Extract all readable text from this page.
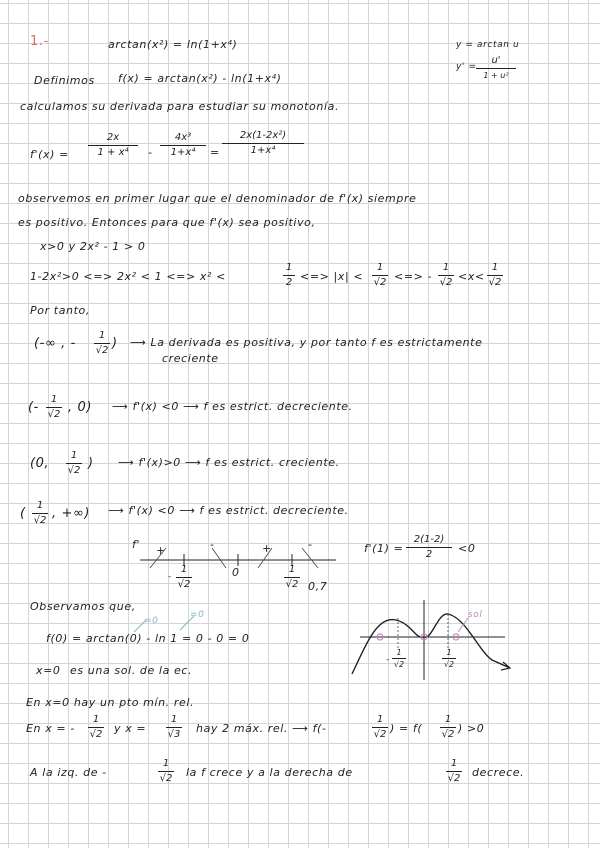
1.-	arctan(x²) = ln(1+x⁴)	y = arctan u
y' =
u'
1 + u²
Definimos f(x) = arctan(x²) - ln(1+x⁴)
calculamos su derivada para estudiar su monotonía.
f'(x) =
2x
1 + x⁴ -
4x³
1+x⁴ =
2x(1-2x²)
1+x⁴
observemos en primer lugar que el denominador de f'(x) siempre
es positivo. Entonces para que f'(x) sea positivo,
x>0 y 2x² - 1 > 0
1-2x²>0 <=> 2x² < 1 <=> x² <
1
2 <=> |x| <
1
√2 <=> -
1
√2 <x<
1
√2
Por tanto,
(-∞ , -
1
√2 ) ⟶ La derivada es positiva, y por tanto f es estrictamente
creciente
(-
1
√2 , 0) ⟶ f'(x) <0 ⟶ f es estrict. decreciente.
(0,
1
√2 ) ⟶ f'(x)>0 ⟶ f es estrict. creciente.
(
1
√2 , +∞) ⟶ f'(x) <0 ⟶ f es estrict. decreciente.
f' +	-	+	-
0
-
1
√2
1
√2 0,7
f'(1) =
2(1-2)
2 <0
Observamos que,
f(0) = arctan(0) - ln 1 = 0 - 0 = 0
=0
=0
x=0 es una sol. de la ec.
sol
-
1
√2
1
√2
En x=0 hay un pto mín. rel.
En x = -
1
√2 y x =
1
√3 hay 2 máx. rel. ⟶ f(-
1
√2 ) = f(
1
√2 ) >0
A la izq. de -
1
√2 la f crece y a la derecha de
1
√2 decrece.
